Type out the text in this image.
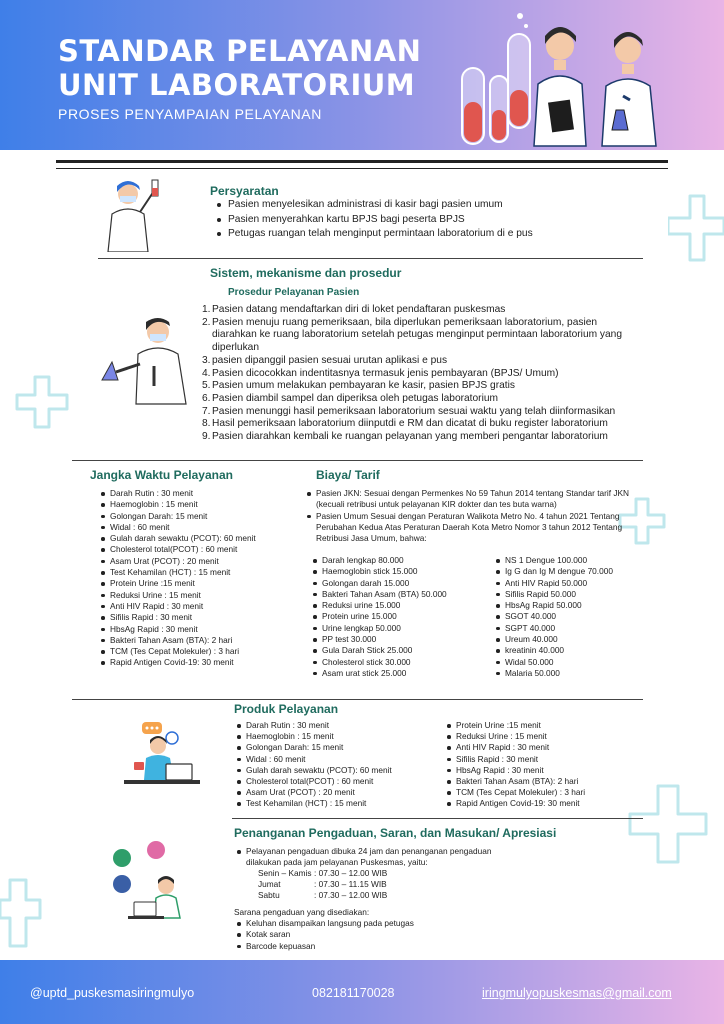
STANDAR PELAYANAN
UNIT LABORATORIUM
PROSES PENYAMPAIAN PELAYANAN
Persyaratan
Pasien menyelesikan administrasi di kasir bagi pasien umum
Pasien menyerahkan kartu BPJS bagi peserta BPJS
Petugas ruangan telah menginput permintaan laboratorium di e pus
Sistem, mekanisme dan prosedur
Prosedur Pelayanan Pasien
1. Pasien datang mendaftarkan diri di loket pendaftaran puskesmas
2. Pasien menuju ruang pemeriksaan, bila diperlukan pemeriksaan laboratorium, pasien diarahkan ke ruang laboratorium setelah petugas menginput permintaan laboratorium yang diperlukan
3. pasien dipanggil pasien sesuai urutan aplikasi e pus
4. Pasien dicocokkan indentitasnya termasuk jenis pembayaran (BPJS/ Umum)
5. Pasien umum melakukan pembayaran ke kasir, pasien BPJS gratis
6. Pasien diambil sampel dan diperiksa oleh petugas laboratorium
7. Pasien menunggi hasil pemeriksaan laboratorium sesuai waktu yang telah diinformasikan
8. Hasil pemeriksaan laboratorium diinputdi e RM dan dicatat di buku register laboratorium
9. Pasien diarahkan kembali ke ruangan pelayanan yang memberi pengantar laboratorium
Jangka Waktu Pelayanan
Darah Rutin : 30 menit
Haemoglobin : 15 menit
Golongan Darah: 15 menit
Widal : 60 menit
Gulah darah sewaktu (PCOT): 60 menit
Cholesterol total(PCOT) : 60 menit
Asam Urat (PCOT) : 20 menit
Test Kehamilan (HCT) : 15 menit
Protein Urine :15 menit
Reduksi Urine : 15 menit
Anti HIV Rapid : 30 menit
Sifilis Rapid : 30 menit
HbsAg Rapid : 30 menit
Bakteri Tahan Asam (BTA): 2 hari
TCM (Tes Cepat Molekuler) : 3 hari
Rapid Antigen Covid-19: 30 menit
Biaya/ Tarif
Pasien JKN: Sesuai dengan Permenkes No 59 Tahun 2014 tentang Standar tarif JKN (kecuali retribusi untuk pelayanan KIR dokter dan tes buta warna)
Pasien Umum Sesuai dengan Peraturan Walikota Metro No. 4 tahun 2021 Tentang Perubahan Kedua Atas Peraturan Daerah Kota Metro Nomor 3 tahun 2012 Tentang Retribusi Jasa Umum, bahwa:
Darah lengkap 80.000
Haemoglobin stick 15.000
Golongan darah 15.000
Bakteri Tahan Asam (BTA) 50.000
Reduksi urine 15.000
Protein urine 15.000
Urine lengkap 50.000
PP test 30.000
Gula Darah Stick 25.000
Cholesterol stick 30.000
Asam urat stick 25.000
NS 1 Dengue 100.000
Ig G dan Ig M dengue 70.000
Anti HIV Rapid 50.000
Sifilis Rapid 50.000
HbsAg Rapid 50.000
SGOT 40.000
SGPT 40.000
Ureum 40.000
kreatinin 40.000
Widal 50.000
Malaria 50.000
Produk Pelayanan
Darah Rutin : 30 menit
Haemoglobin : 15 menit
Golongan Darah: 15 menit
Widal : 60 menit
Gulah darah sewaktu (PCOT): 60 menit
Cholesterol total(PCOT) : 60 menit
Asam Urat (PCOT) : 20 menit
Test Kehamilan (HCT) : 15 menit
Protein Urine :15 menit
Reduksi Urine : 15 menit
Anti HIV Rapid : 30 menit
Sifilis Rapid : 30 menit
HbsAg Rapid : 30 menit
Bakteri Tahan Asam (BTA): 2 hari
TCM (Tes Cepat Molekuler) : 3 hari
Rapid Antigen Covid-19: 30 menit
Penanganan Pengaduan, Saran, dan Masukan/ Apresiasi
Pelayanan pengaduan dibuka 24 jam dan penanganan pengaduan dilakukan pada jam pelayanan Puskesmas, yaitu:
Senin – Kamis : 07.30 – 12.00 WIB
Jumat	: 07.30 – 11.15 WIB
Sabtu	: 07.30 – 12.00 WIB
Sarana pengaduan yang disediakan:
Keluhan disampaikan langsung pada petugas
Kotak saran
Barcode kepuasan
@uptd_puskesmasiringmulyo	082181170028	iringmulyopuskesmas@gmail.com
